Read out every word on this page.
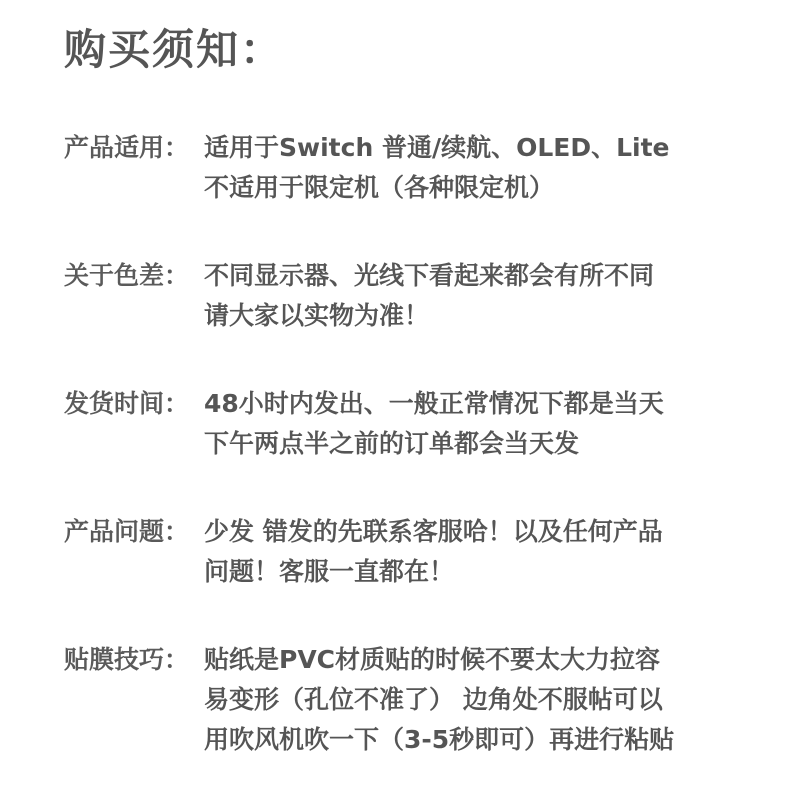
购买须知：
产品适用： 适用于Switch 普通/续航、OLED、Lite
不适用于限定机（各种限定机）
关于色差： 不同显示器、光线下看起来都会有所不同
请大家以实物为准！
发货时间： 48小时内发出、一般正常情况下都是当天
下午两点半之前的订单都会当天发
产品问题： 少发 错发的先联系客服哈！以及任何产品
问题！客服一直都在！
贴膜技巧： 贴纸是PVC材质贴的时候不要太大力拉容
易变形（孔位不准了） 边角处不服帖可以
用吹风机吹一下（3-5秒即可）再进行粘贴
